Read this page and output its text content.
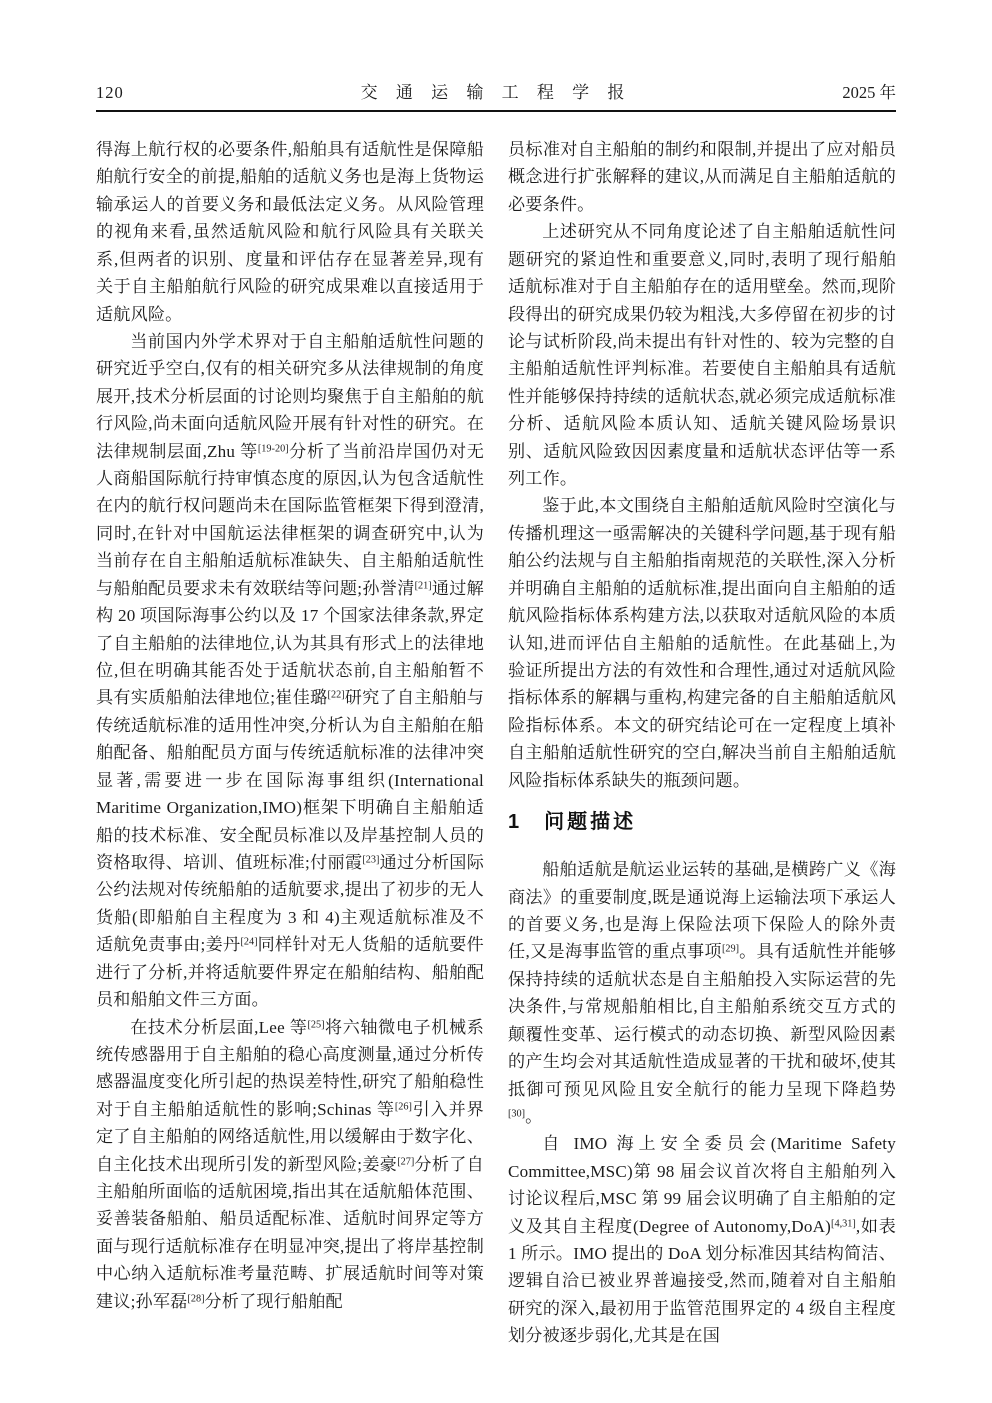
120	交 通 运 输 工 程 学 报	2025 年

得海上航行权的必要条件,船舶具有适航性是保障船舶航行安全的前提,船舶的适航义务也是海上货物运输承运人的首要义务和最低法定义务。从风险管理的视角来看,虽然适航风险和航行风险具有关联关系,但两者的识别、度量和评估存在显著差异,现有关于自主船舶航行风险的研究成果难以直接适用于适航风险。

当前国内外学术界对于自主船舶适航性问题的研究近乎空白,仅有的相关研究多从法律规制的角度展开,技术分析层面的讨论则均聚焦于自主船舶的航行风险,尚未面向适航风险开展有针对性的研究。在法律规制层面,Zhu 等[19-20]分析了当前沿岸国仍对无人商船国际航行持审慎态度的原因,认为包含适航性在内的航行权问题尚未在国际监管框架下得到澄清,同时,在针对中国航运法律框架的调查研究中,认为当前存在自主船舶适航标准缺失、自主船舶适航性与船舶配员要求未有效联结等问题;孙誉清[21]通过解构 20 项国际海事公约以及 17 个国家法律条款,界定了自主船舶的法律地位,认为其具有形式上的法律地位,但在明确其能否处于适航状态前,自主船舶暂不具有实质船舶法律地位;崔佳璐[22]研究了自主船舶与传统适航标准的适用性冲突,分析认为自主船舶在船舶配备、船舶配员方面与传统适航标准的法律冲突显著,需要进一步在国际海事组织(International Maritime Organization,IMO)框架下明确自主船舶适船的技术标准、安全配员标准以及岸基控制人员的资格取得、培训、值班标准;付丽霞[23]通过分析国际公约法规对传统船舶的适航要求,提出了初步的无人货船(即船舶自主程度为 3 和 4)主观适航标准及不适航免责事由;姜丹[24]同样针对无人货船的适航要件进行了分析,并将适航要件界定在船舶结构、船舶配员和船舶文件三方面。

在技术分析层面,Lee 等[25]将六轴微电子机械系统传感器用于自主船舶的稳心高度测量,通过分析传感器温度变化所引起的热误差特性,研究了船舶稳性对于自主船舶适航性的影响;Schinas 等[26]引入并界定了自主船舶的网络适航性,用以缓解由于数字化、自主化技术出现所引发的新型风险;姜豪[27]分析了自主船舶所面临的适航困境,指出其在适航船体范围、妥善装备船舶、船员适配标准、适航时间界定等方面与现行适航标准存在明显冲突,提出了将岸基控制中心纳入适航标准考量范畴、扩展适航时间等对策建议;孙军磊[28]分析了现行船舶配

员标准对自主船舶的制约和限制,并提出了应对船员概念进行扩张解释的建议,从而满足自主船舶适航的必要条件。

上述研究从不同角度论述了自主船舶适航性问题研究的紧迫性和重要意义,同时,表明了现行船舶适航标准对于自主船舶存在的适用壁垒。然而,现阶段得出的研究成果仍较为粗浅,大多停留在初步的讨论与试析阶段,尚未提出有针对性的、较为完整的自主船舶适航性评判标准。若要使自主船舶具有适航性并能够保持持续的适航状态,就必须完成适航标准分析、适航风险本质认知、适航关键风险场景识别、适航风险致因因素度量和适航状态评估等一系列工作。

鉴于此,本文围绕自主船舶适航风险时空演化与传播机理这一亟需解决的关键科学问题,基于现有船舶公约法规与自主船舶指南规范的关联性,深入分析并明确自主船舶的适航标准,提出面向自主船舶的适航风险指标体系构建方法,以获取对适航风险的本质认知,进而评估自主船舶的适航性。在此基础上,为验证所提出方法的有效性和合理性,通过对适航风险指标体系的解耦与重构,构建完备的自主船舶适航风险指标体系。本文的研究结论可在一定程度上填补自主船舶适航性研究的空白,解决当前自主船舶适航风险指标体系缺失的瓶颈问题。

1 问题描述

船舶适航是航运业运转的基础,是横跨广义《海商法》的重要制度,既是通说海上运输法项下承运人的首要义务,也是海上保险法项下保险人的除外责任,又是海事监管的重点事项[29]。具有适航性并能够保持持续的适航状态是自主船舶投入实际运营的先决条件,与常规船舶相比,自主船舶系统交互方式的颠覆性变革、运行模式的动态切换、新型风险因素的产生均会对其适航性造成显著的干扰和破坏,使其抵御可预见风险且安全航行的能力呈现下降趋势[30]。

自 IMO 海上安全委员会(Maritime Safety Committee,MSC)第 98 届会议首次将自主船舶列入讨论议程后,MSC 第 99 届会议明确了自主船舶的定义及其自主程度(Degree of Autonomy,DoA)[4,31],如表 1 所示。IMO 提出的 DoA 划分标准因其结构简洁、逻辑自洽已被业界普遍接受,然而,随着对自主船舶研究的深入,最初用于监管范围界定的 4 级自主程度划分被逐步弱化,尤其是在国
